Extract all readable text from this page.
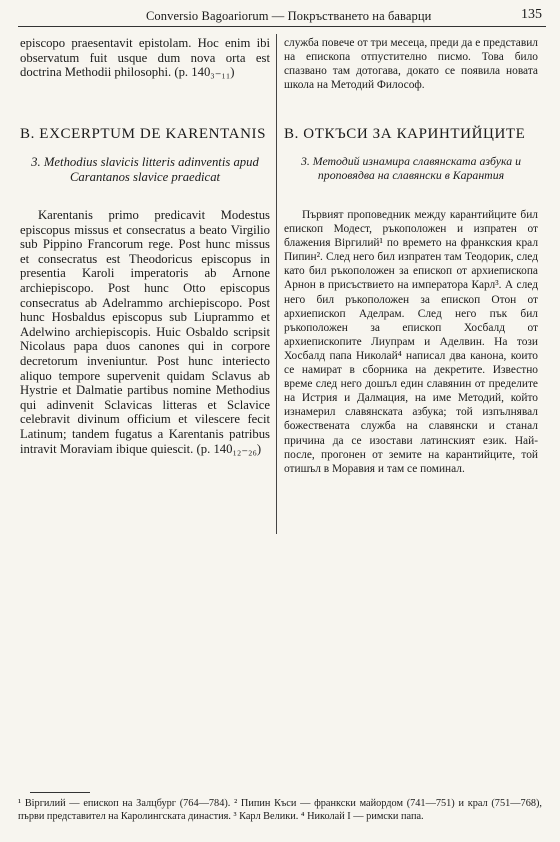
Conversio Bagoariorum — Покръстването на баварци	135

episcopo praesentavit epistolam. Hoc enim ibi observatum fuit usque dum nova orta est doctrina Methodii philosophi. (p. 140₃₋₁₁)

служба повече от три месеца, преди да е представил на епископа отпустително писмо. Това било спазвано там дотогава, докато се появила новата школа на Методий Философ.

B. EXCERPTUM DE KARENTANIS В. ОТКЪСИ ЗА КАРИНТИЙЦИТЕ
3. Methodius slavicis litteris adinventis apud Carantanos slavice praedicat
3. Методий изнамира славянската азбука и проповядва на славянски в Карантия

Karentanis primo predicavit Modestus episcopus missus et consecratus a beato Virgilio sub Pippino Francorum rege. Post hunc missus et consecratus est Theodoricus episcopus in presentia Karoli imperatoris ab Arnone archiepiscopo. Post hunc Otto episcopus consecratus ab Adelrammo archiepiscopo. Post hunc Hosbaldus episcopus sub Liuprammo et Adelwino archiepiscopis. Huic Osbaldo scripsit Nicolaus papa duos canones qui in corpore decretorum inveniuntur. Post hunc interiecto aliquo tempore supervenit quidam Sclavus ab Hystrie et Dalmatie partibus nomine Methodius qui adinvenit Sclavicas litteras et Sclavice celebravit divinum officium et vilescere fecit Latinum; tandem fugatus a Karentanis patribus intravit Moraviam ibique quiescit. (p. 140₁₂₋₂₆)

Първият проповедник между карантийците бил епископ Модест, ръкоположен и изпратен от блажения Віргилий¹ по времето на франкския крал Пипин². След него бил изпратен там Теодорик, след като бил ръкоположен за епископ от архиепископа Арнон в присъствието на императора Карл³. А след него бил ръкоположен за епископ Отон от архиепископ Аделрам. След него пък бил ръкоположен за епископ Хосбалд от архиепископите Лиупрам и Аделвин. На този Хосбалд папа Николай⁴ написал два канона, които се намират в сборника на декретите. Известно време след него дошъл един славянин от пределите на Истрия и Далмация, на име Методий, който изнамерил славянската азбука; той изпълнявал божествената служба на славянски и станал причина да се изостави латинският език. Най-после, прогонен от земите на карантийците, той отишъл в Моравия и там се поминал.

¹ Віргилий — епископ на Залцбург (764—784). ² Пипин Къси — франкски майордом (741—751) и крал (751—768), първи представител на Каролингската династия. ³ Карл Велики. ⁴ Николай I — римски папа.
